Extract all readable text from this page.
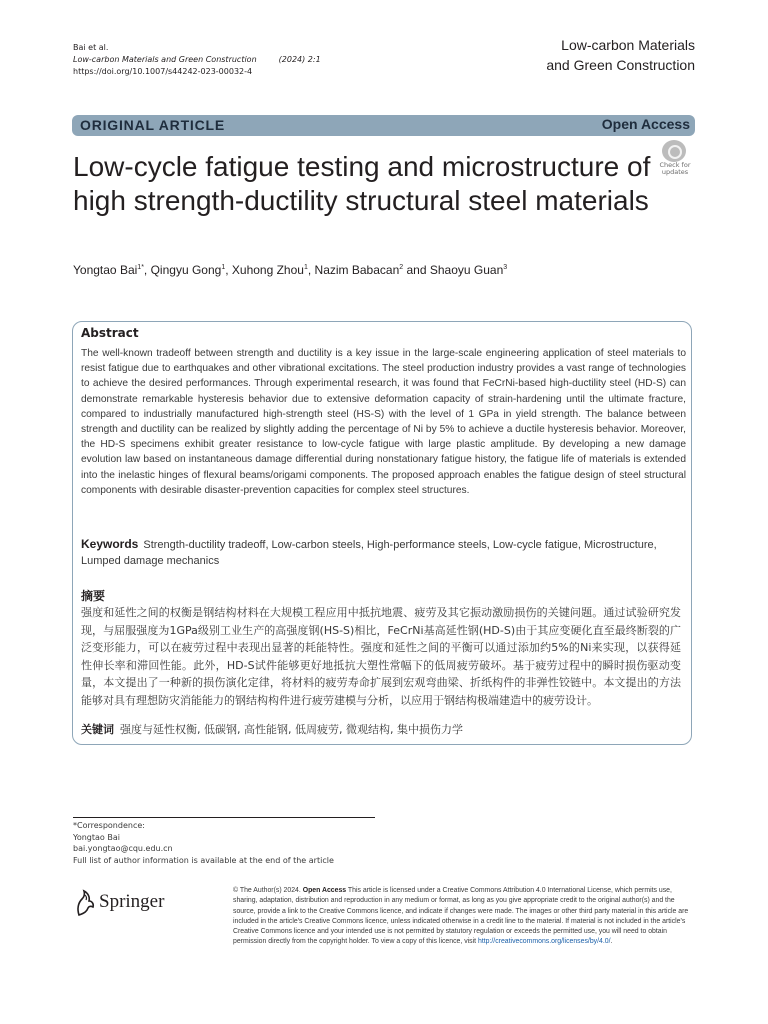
Bai et al.
Low-carbon Materials and Green Construction	(2024) 2:1
https://doi.org/10.1007/s44242-023-00032-4
Low-carbon Materials
and Green Construction
ORIGINAL ARTICLE	Open Access
Low-cycle fatigue testing and microstructure of high strength-ductility structural steel materials
Check for
updates
Yongtao Bai$^{1*}$, Qingyu Gong$^1$, Xuhong Zhou$^1$, Nazim Babacan$^2$ and Shaoyu Guan$^3$
Abstract
The well-known tradeoff between strength and ductility is a key issue in the large-scale engineering application of steel materials to resist fatigue due to earthquakes and other vibrational excitations. The steel production industry provides a vast range of technologies to achieve the desired performances. Through experimental research, it was found that FeCrNi-based high-ductility steel (HD-S) can demonstrate remarkable hysteresis behavior due to extensive deformation capacity of strain-hardening until the ultimate fracture, compared to industrially manufactured high-strength steel (HS-S) with the level of 1 GPa in yield strength. The balance between strength and ductility can be realized by slightly adding the percentage of Ni by 5% to achieve a ductile hysteresis behavior. Moreover, the HD-S specimens exhibit greater resistance to low-cycle fatigue with large plastic amplitude. By developing a new damage evolution law based on instantaneous damage differential during nonstationary fatigue history, the fatigue life of materials is extended into the inelastic hinges of flexural beams/origami components. The proposed approach enables the fatigue design of steel structural components with desirable disaster-prevention capacities for complex steel structures.
Keywords Strength-ductility tradeoff, Low-carbon steels, High-performance steels, Low-cycle fatigue, Microstructure, Lumped damage mechanics
摘要
强度和延性之间的权衡是钢结构材料在大规模工程应用中抵抗地震、疲劳及其它振动激励损伤的关键问题。通过试验研究发现，与屈服强度为1GPa级别工业生产的高强度钢(HS-S)相比，FeCrNi基高延性钢(HD-S)由于其应变硬化直至最终断裂的广泛变形能力，可以在疲劳过程中表现出显著的耗能特性。强度和延性之间的平衡可以通过添加约5%的Ni来实现，以获得延性伸长率和滞回性能。此外，HD-S试件能够更好地抵抗大塑性常幅下的低周疲劳破坏。基于疲劳过程中的瞬时损伤驱动变量，本文提出了一种新的损伤演化定律，将材料的疲劳寿命扩展到宏观弯曲梁、折纸构件的非弹性铰链中。本文提出的方法能够对具有理想防灾消能能力的钢结构构件进行疲劳建模与分析，以应用于钢结构极端建造中的疲劳设计。
关键词 强度与延性权衡, 低碳钢, 高性能钢, 低周疲劳, 微观结构, 集中损伤力学
*Correspondence:
Yongtao Bai
bai.yongtao@cqu.edu.cn
Full list of author information is available at the end of the article
Springer
© The Author(s) 2024. Open Access This article is licensed under a Creative Commons Attribution 4.0 International License, which permits use, sharing, adaptation, distribution and reproduction in any medium or format, as long as you give appropriate credit to the original author(s) and the source, provide a link to the Creative Commons licence, and indicate if changes were made. The images or other third party material in this article are included in the article's Creative Commons licence, unless indicated otherwise in a credit line to the material. If material is not included in the article's Creative Commons licence and your intended use is not permitted by statutory regulation or exceeds the permitted use, you will need to obtain permission directly from the copyright holder. To view a copy of this licence, visit http://creativecommons.org/licenses/by/4.0/.
